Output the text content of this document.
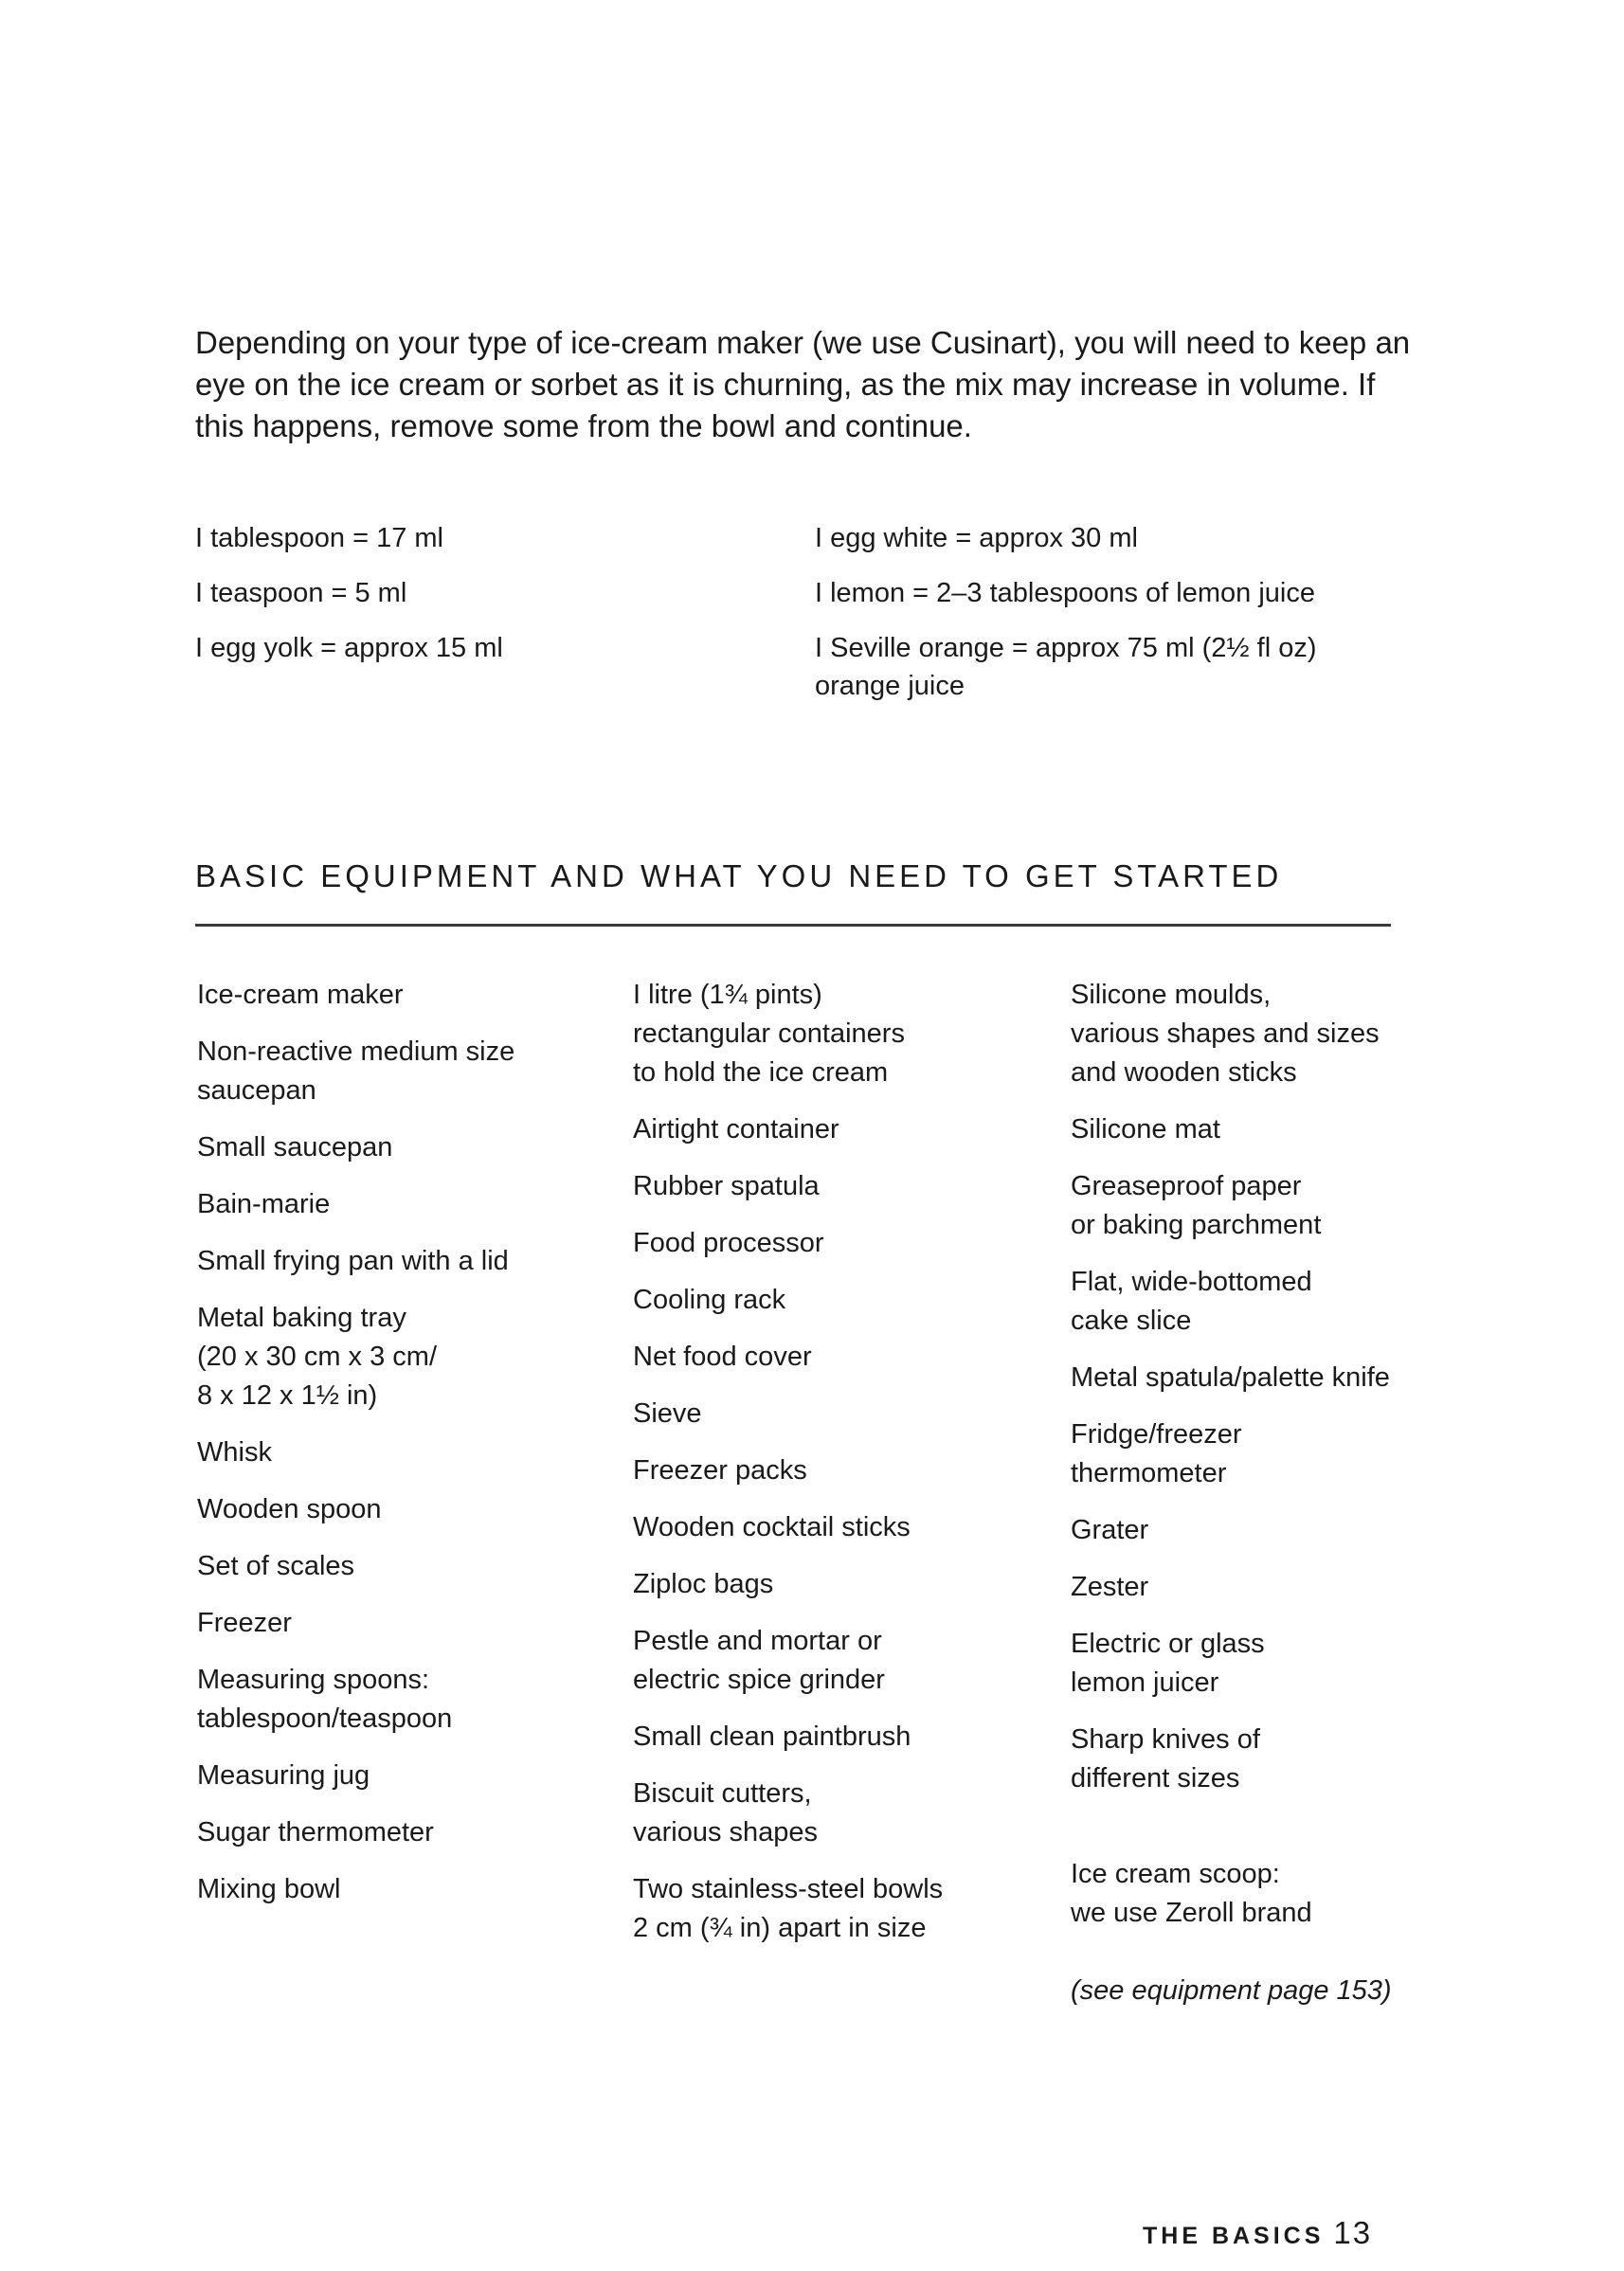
Depending on your type of ice-cream maker (we use Cusinart), you will need to keep an eye on the ice cream or sorbet as it is churning, as the mix may increase in volume. If this happens, remove some from the bowl and continue.

I tablespoon = 17 ml

I teaspoon = 5 ml

I egg yolk = approx 15 ml

I egg white = approx 30 ml

I lemon = 2–3 tablespoons of lemon juice

I Seville orange = approx 75 ml (2½ fl oz) orange juice

BASIC EQUIPMENT AND WHAT YOU NEED TO GET STARTED

Ice-cream maker

Non-reactive medium size
saucepan

Small saucepan

Bain-marie

Small frying pan with a lid

Metal baking tray
(20 x 30 cm x 3 cm/
8 x 12 x 1½ in)

Whisk

Wooden spoon

Set of scales

Freezer

Measuring spoons:
tablespoon/teaspoon

Measuring jug

Sugar thermometer

Mixing bowl

I litre (1¾ pints)
rectangular containers
to hold the ice cream

Airtight container

Rubber spatula

Food processor

Cooling rack

Net food cover

Sieve

Freezer packs

Wooden cocktail sticks

Ziploc bags

Pestle and mortar or
electric spice grinder

Small clean paintbrush

Biscuit cutters,
various shapes

Two stainless-steel bowls
2 cm (¾ in) apart in size

Silicone moulds,
various shapes and sizes
and wooden sticks

Silicone mat

Greaseproof paper
or baking parchment

Flat, wide-bottomed
cake slice

Metal spatula/palette knife

Fridge/freezer
thermometer

Grater

Zester

Electric or glass
lemon juicer

Sharp knives of
different sizes

Ice cream scoop:
we use Zeroll brand

(see equipment page 153)

THE BASICS 13
